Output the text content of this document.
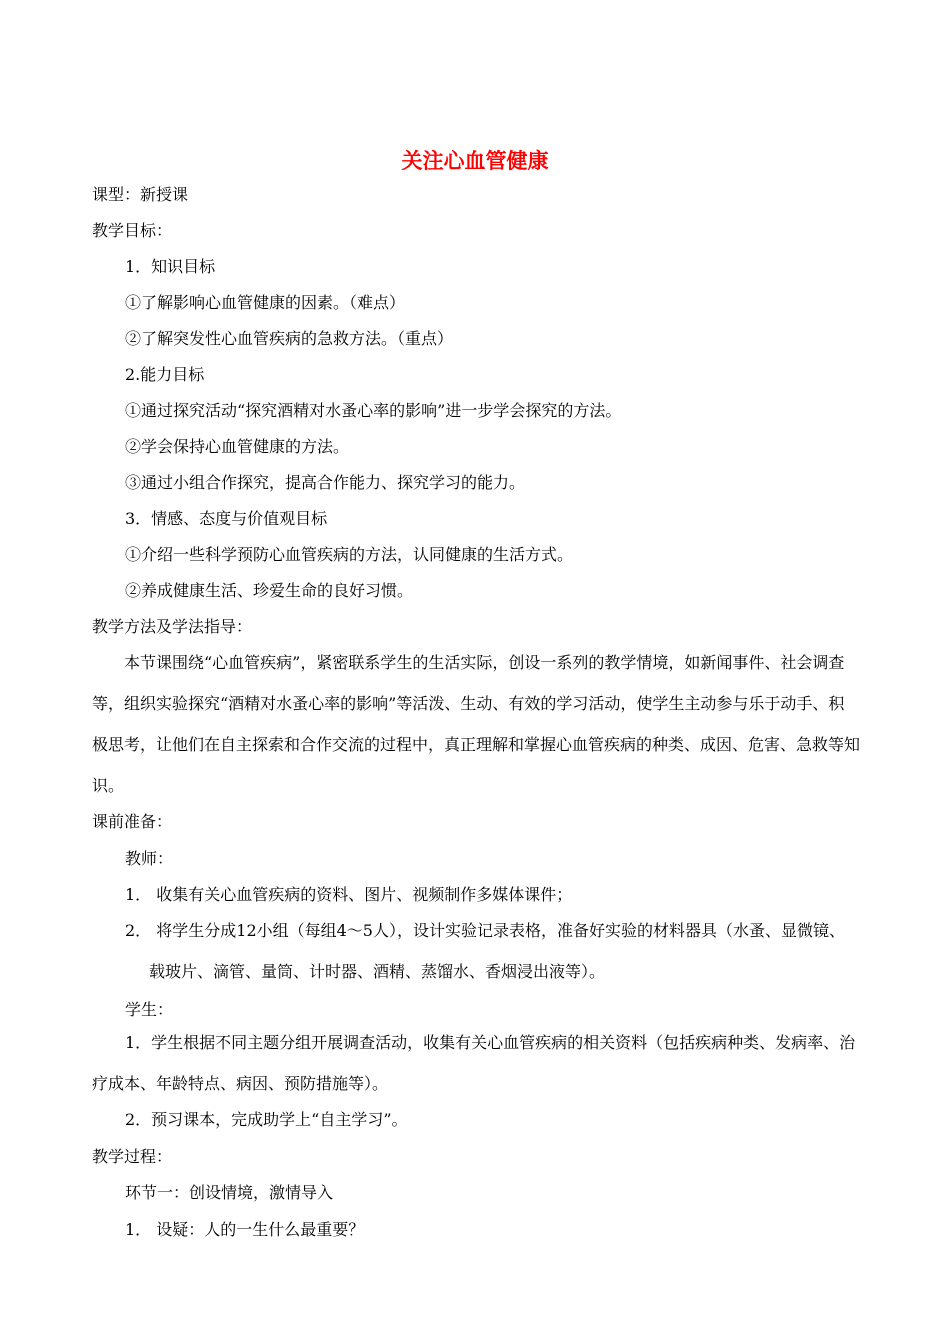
关注心血管健康
课型：新授课
教学目标：
1．知识目标
①了解影响心血管健康的因素。（难点）
②了解突发性心血管疾病的急救方法。（重点）
2.能力目标
①通过探究活动“探究酒精对水蚤心率的影响”进一步学会探究的方法。
②学会保持心血管健康的方法。
③通过小组合作探究，提高合作能力、探究学习的能力。
3．情感、态度与价值观目标
①介绍一些科学预防心血管疾病的方法，认同健康的生活方式。
②养成健康生活、珍爱生命的良好习惯。
教学方法及学法指导：
本节课围绕“心血管疾病”，紧密联系学生的生活实际，创设一系列的教学情境，如新闻事件、社会调查等，组织实验探究“酒精对水蚤心率的影响”等活泼、生动、有效的学习活动，使学生主动参与乐于动手、积极思考，让他们在自主探索和合作交流的过程中，真正理解和掌握心血管疾病的种类、成因、危害、急救等知识。
课前准备：
教师：
1． 收集有关心血管疾病的资料、图片、视频制作多媒体课件；
2． 将学生分成12小组（每组4～5人），设计实验记录表格，准备好实验的材料器具（水蚤、显微镜、载玻片、滴管、量筒、计时器、酒精、蒸馏水、香烟浸出液等）。
学生：
1．学生根据不同主题分组开展调查活动，收集有关心血管疾病的相关资料（包括疾病种类、发病率、治疗成本、年龄特点、病因、预防措施等）。
2．预习课本，完成助学上“自主学习”。
教学过程：
环节一：创设情境，激情导入
1． 设疑：人的一生什么最重要？
